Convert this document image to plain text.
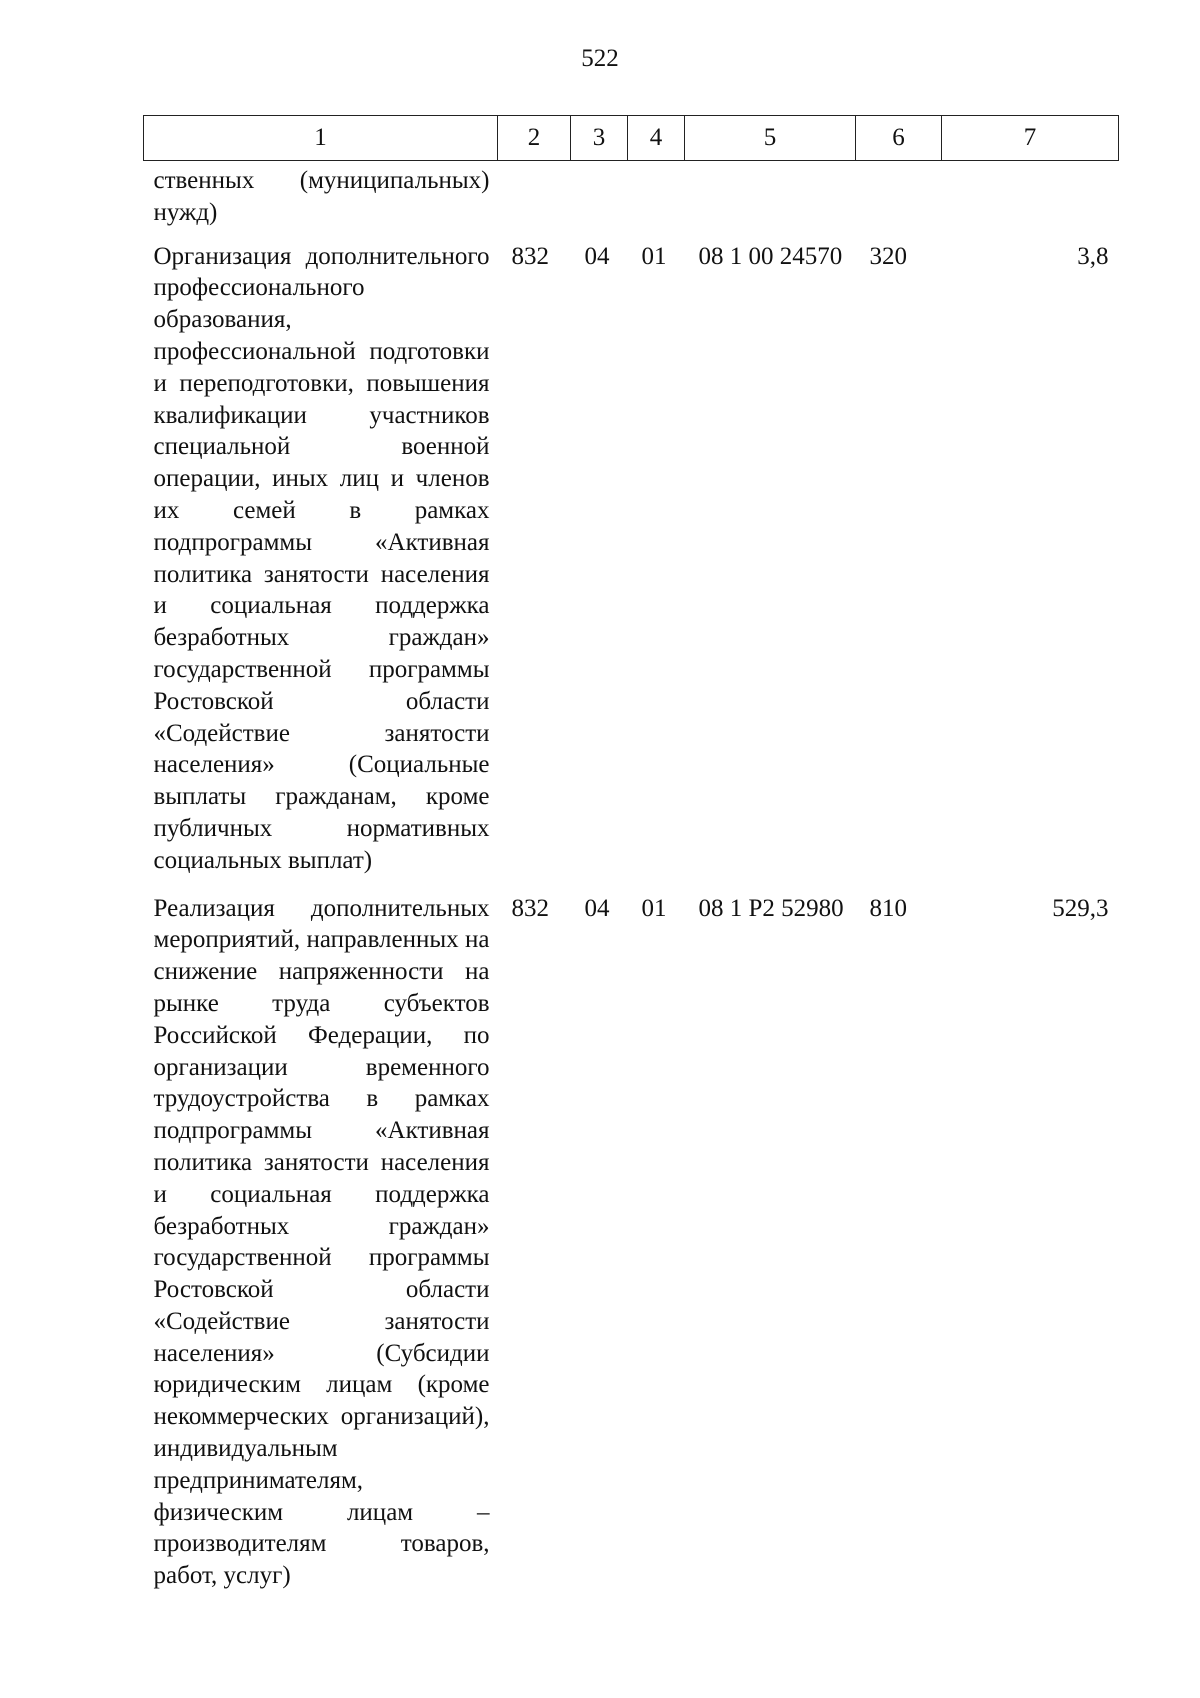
522
1	2	3	4	5	6	7
ственных (муниципальных) нужд)						
Организация дополнительного профессионального образования, профессиональной подготовки и переподготовки, повышения квалификации участников специальной военной операции, иных лиц и членов их семей в рамках подпрограммы «Активная политика занятости населения и социальная поддержка безработных граждан» государственной программы Ростовской области «Содействие занятости населения» (Социальные выплаты гражданам, кроме публичных нормативных социальных выплат)	832	04	01	08 1 00 24570	320	3,8
Реализация дополнительных мероприятий, направленных на снижение напряженности на рынке труда субъектов Российской Федерации, по организации временного трудоустройства в рамках подпрограммы «Активная политика занятости населения и социальная поддержка безработных граждан» государственной программы Ростовской области «Содействие занятости населения» (Субсидии юридическим лицам (кроме некоммерческих организаций), индивидуальным предпринимателям, физическим лицам – производителям товаров, работ, услуг)	832	04	01	08 1 Р2 52980	810	529,3
